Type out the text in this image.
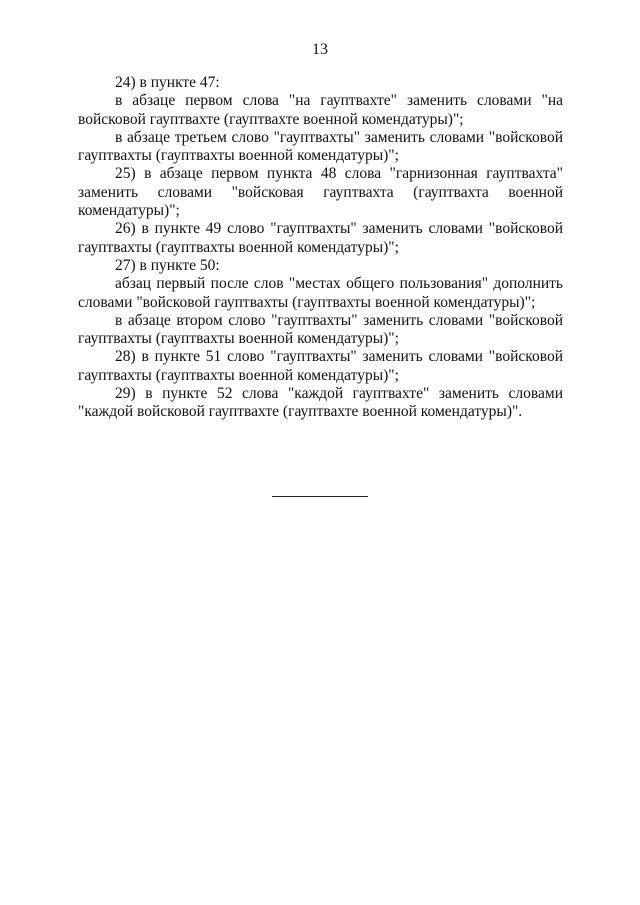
13

24) в пункте 47:

в абзаце первом слова "на гауптвахте" заменить словами "на войсковой гауптвахте (гауптвахте военной комендатуры)";

в абзаце третьем слово "гауптвахты" заменить словами "войсковой гауптвахты (гауптвахты военной комендатуры)";

25) в абзаце первом пункта 48 слова "гарнизонная гауптвахта" заменить словами "войсковая гауптвахта (гауптвахта военной комендатуры)";

26) в пункте 49 слово "гауптвахты" заменить словами "войсковой гауптвахты (гауптвахты военной комендатуры)";

27) в пункте 50:

абзац первый после слов "местах общего пользования" дополнить словами "войсковой гауптвахты (гауптвахты военной комендатуры)";

в абзаце втором слово "гауптвахты" заменить словами "войсковой гауптвахты (гауптвахты военной комендатуры)";

28) в пункте 51 слово "гауптвахты" заменить словами "войсковой гауптвахты (гауптвахты военной комендатуры)";

29) в пункте 52 слова "каждой гауптвахте" заменить словами "каждой войсковой гауптвахте (гауптвахте военной комендатуры)".
